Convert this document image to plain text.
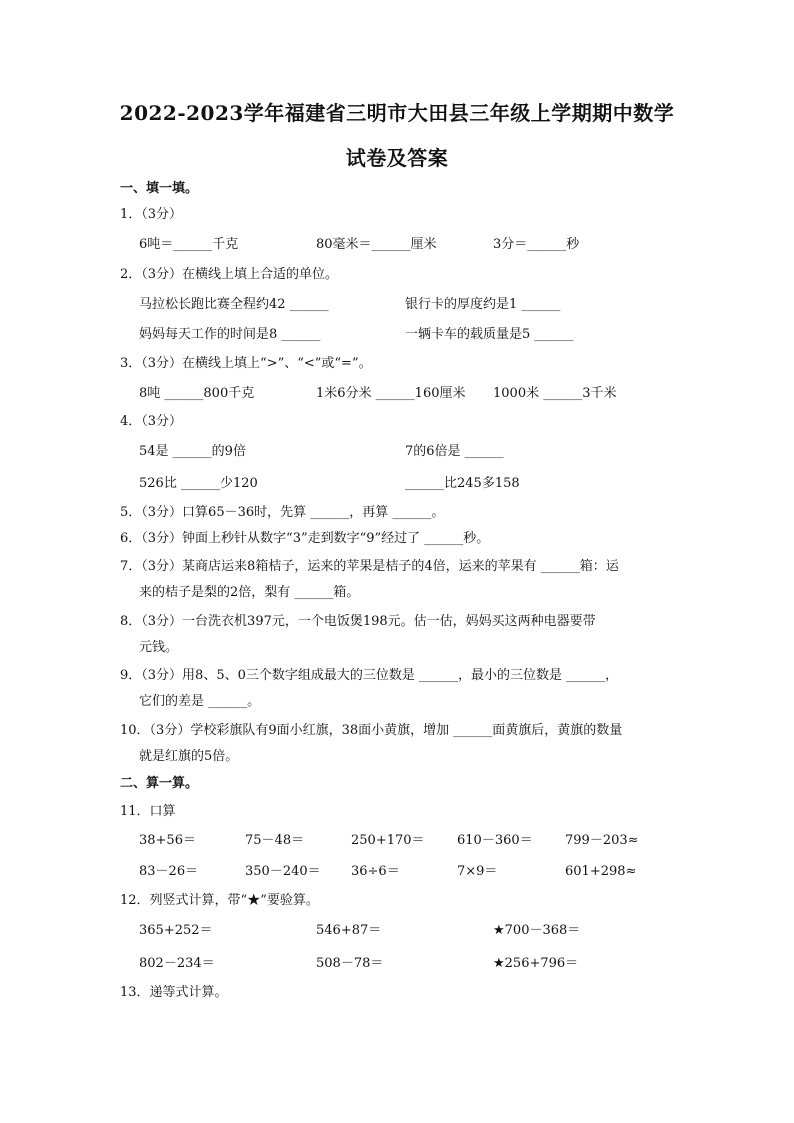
2022-2023学年福建省三明市大田县三年级上学期期中数学
试卷及答案
一、填一填。
1．（3分）
6吨＝______千克	80毫米＝______厘米	3分＝______秒
2．（3分）在横线上填上合适的单位。
马拉松长跑比赛全程约42 ______	银行卡的厚度约是1 ______
妈妈每天工作的时间是8 ______	一辆卡车的载质量是5 ______
3．（3分）在横线上填上“>”、“<”或“=”。
8吨 ______800千克	1米6分米 ______160厘米 1000米 ______3千米
4．（3分）
54是 ______的9倍	7的6倍是 ______
526比 ______少120	______比245多158
5．（3分）口算65－36时，先算 ______，再算 ______。
6．（3分）钟面上秒针从数字“3”走到数字“9”经过了 ______秒。
7．（3分）某商店运来8箱桔子，运来的苹果是桔子的4倍，运来的苹果有 ______箱：运
来的桔子是梨的2倍，梨有 ______箱。
8．（3分）一台洗衣机397元，一个电饭煲198元。估一估，妈妈买这两种电器要带
元钱。
9．（3分）用8、5、0三个数字组成最大的三位数是 ______，最小的三位数是 ______，
它们的差是 ______。
10．（3分）学校彩旗队有9面小红旗，38面小黄旗，增加 ______面黄旗后，黄旗的数量
就是红旗的5倍。
二、算一算。
11．口算
38+56＝	75－48＝	250+170＝ 610－360＝ 799－203≈
83－26＝	350－240＝ 36÷6＝	7×9＝	601+298≈
12．列竖式计算，带“★”要验算。
365+252＝	546+87＝	★700－368＝
802－234＝	508－78＝	★256+796＝
13．递等式计算。
